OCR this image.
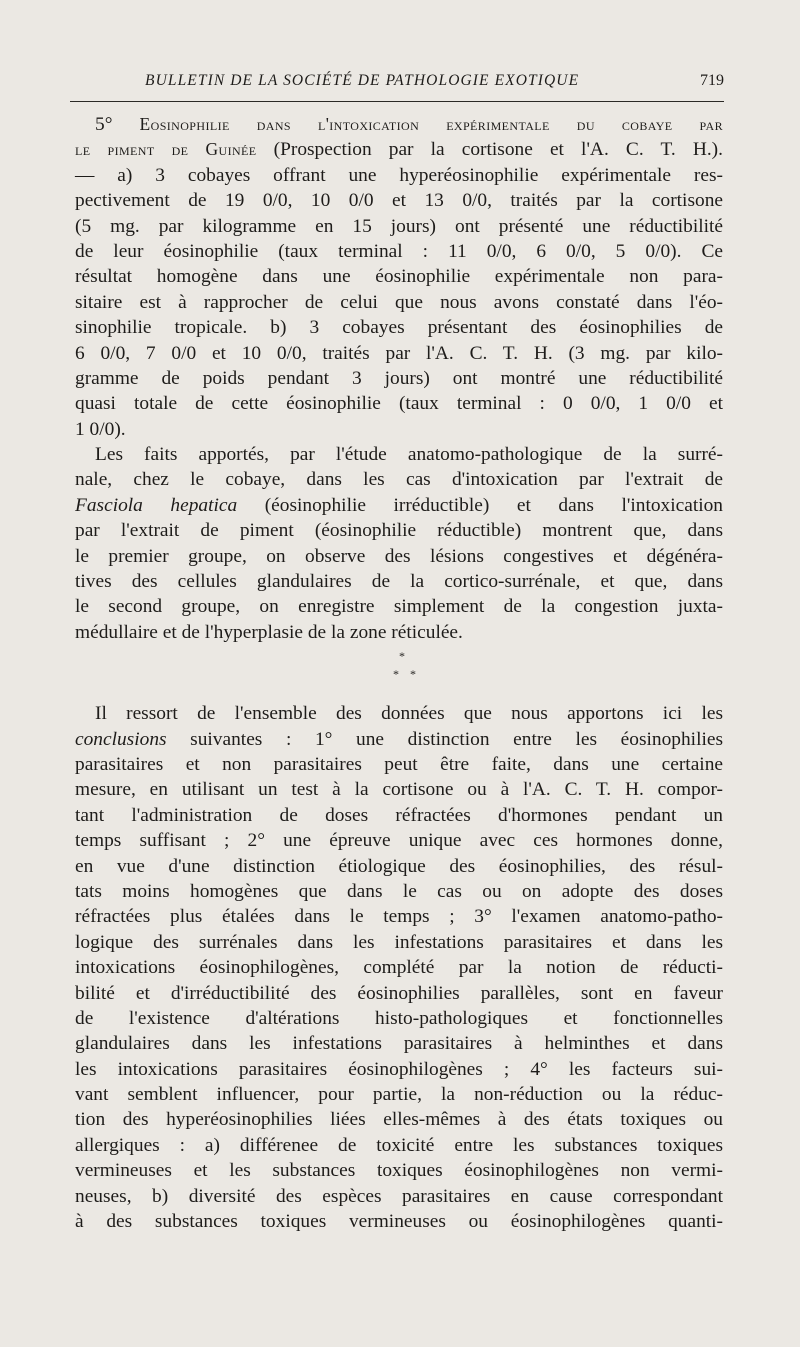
BULLETIN DE LA SOCIÉTÉ DE PATHOLOGIE EXOTIQUE	719
5° Eosinophilie dans l'intoxication expérimentale du cobaye par
le piment de Guinée (Prospection par la cortisone et l'A. C. T. H.).
— a) 3 cobayes offrant une hyperéosinophilie expérimentale res-
pectivement de 19 0/0, 10 0/0 et 13 0/0, traités par la cortisone
(5 mg. par kilogramme en 15 jours) ont présenté une réductibilité
de leur éosinophilie (taux terminal : 11 0/0, 6 0/0, 5 0/0). Ce
résultat homogène dans une éosinophilie expérimentale non para-
sitaire est à rapprocher de celui que nous avons constaté dans l'éo-
sinophilie tropicale. b) 3 cobayes présentant des éosinophilies de
6 0/0, 7 0/0 et 10 0/0, traités par l'A. C. T. H. (3 mg. par kilo-
gramme de poids pendant 3 jours) ont montré une réductibilité
quasi totale de cette éosinophilie (taux terminal : 0 0/0, 1 0/0 et
1 0/0).
Les faits apportés, par l'étude anatomo-pathologique de la surré-
nale, chez le cobaye, dans les cas d'intoxication par l'extrait de
Fasciola hepatica (éosinophilie irréductible) et dans l'intoxication
par l'extrait de piment (éosinophilie réductible) montrent que, dans
le premier groupe, on observe des lésions congestives et dégénéra-
tives des cellules glandulaires de la cortico-surrénale, et que, dans
le second groupe, on enregistre simplement de la congestion juxta-
médullaire et de l'hyperplasie de la zone réticulée.
*
* *
Il ressort de l'ensemble des données que nous apportons ici les
conclusions suivantes : 1° une distinction entre les éosinophilies
parasitaires et non parasitaires peut être faite, dans une certaine
mesure, en utilisant un test à la cortisone ou à l'A. C. T. H. compor-
tant l'administration de doses réfractées d'hormones pendant un
temps suffisant ; 2° une épreuve unique avec ces hormones donne,
en vue d'une distinction étiologique des éosinophilies, des résul-
tats moins homogènes que dans le cas ou on adopte des doses
réfractées plus étalées dans le temps ; 3° l'examen anatomo-patho-
logique des surrénales dans les infestations parasitaires et dans les
intoxications éosinophilogènes, complété par la notion de réducti-
bilité et d'irréductibilité des éosinophilies parallèles, sont en faveur
de l'existence d'altérations histo-pathologiques et fonctionnelles
glandulaires dans les infestations parasitaires à helminthes et dans
les intoxications parasitaires éosinophilogènes ; 4° les facteurs sui-
vant semblent influencer, pour partie, la non-réduction ou la réduc-
tion des hyperéosinophilies liées elles-mêmes à des états toxiques ou
allergiques : a) différenee de toxicité entre les substances toxiques
vermineuses et les substances toxiques éosinophilogènes non vermi-
neuses, b) diversité des espèces parasitaires en cause correspondant
à des substances toxiques vermineuses ou éosinophilogènes quanti-
